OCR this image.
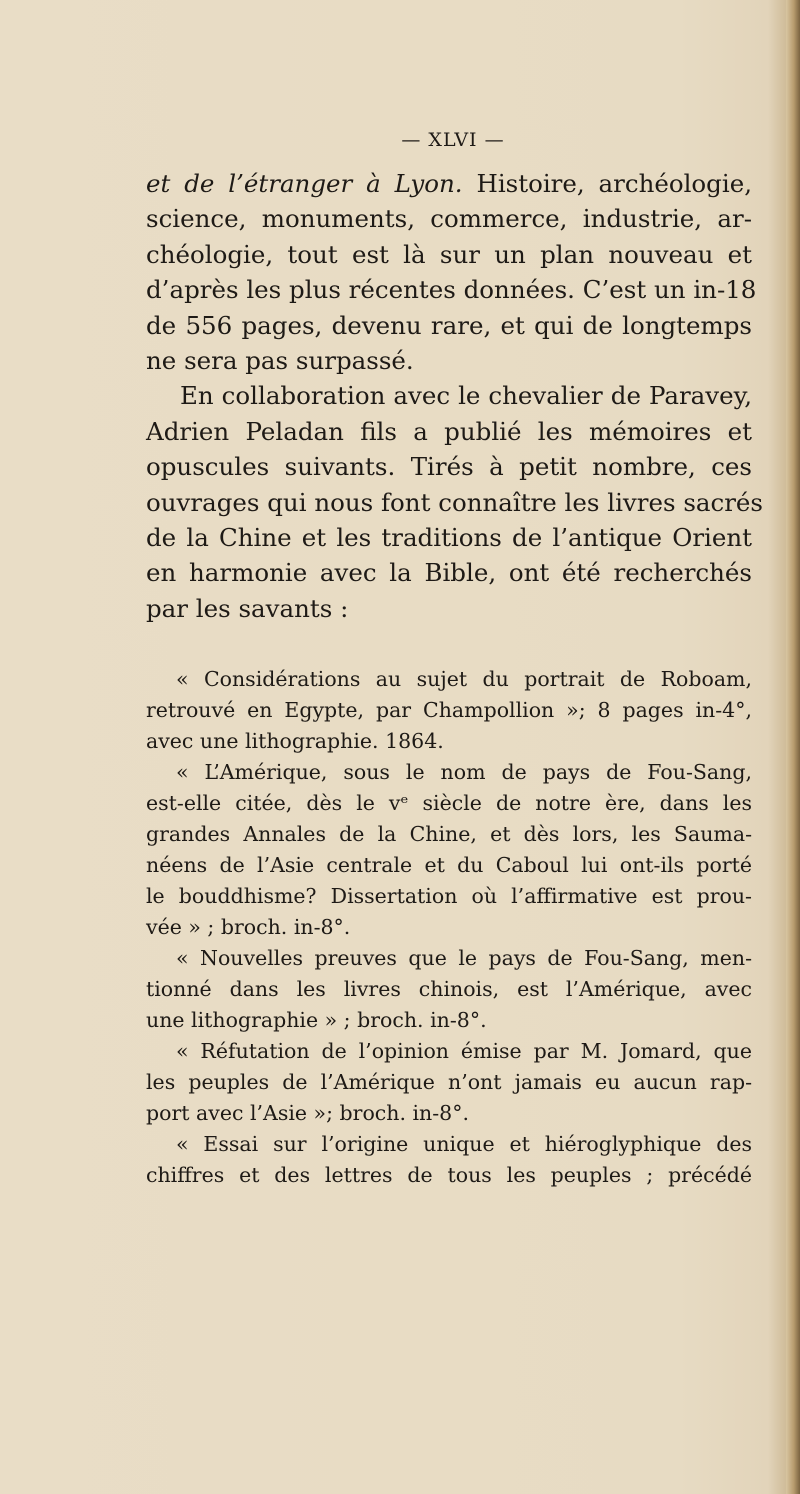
— XLVI —

et de l’étranger à Lyon. Histoire, archéologie,
science, monuments, commerce, industrie, ar-
chéologie, tout est là sur un plan nouveau et
d’après les plus récentes données. C’est un in-18
de 556 pages, devenu rare, et qui de longtemps
ne sera pas surpassé.

En collaboration avec le chevalier de Paravey,
Adrien Peladan fils a publié les mémoires et
opuscules suivants. Tirés à petit nombre, ces
ouvrages qui nous font connaître les livres sacrés
de la Chine et les traditions de l’antique Orient
en harmonie avec la Bible, ont été recherchés
par les savants :

« Considérations au sujet du portrait de Roboam,
retrouvé en Egypte, par Champollion »; 8 pages in-4°,
avec une lithographie. 1864.
« L’Amérique, sous le nom de pays de Fou-Sang,
est-elle citée, dès le vᵉ siècle de notre ère, dans les
grandes Annales de la Chine, et dès lors, les Sauma-
néens de l’Asie centrale et du Caboul lui ont-ils porté
le bouddhisme? Dissertation où l’affirmative est prou-
vée » ; broch. in-8°.
« Nouvelles preuves que le pays de Fou-Sang, men-
tionné dans les livres chinois, est l’Amérique, avec
une lithographie » ; broch. in-8°.
« Réfutation de l’opinion émise par M. Jomard, que
les peuples de l’Amérique n’ont jamais eu aucun rap-
port avec l’Asie »; broch. in-8°.
« Essai sur l’origine unique et hiéroglyphique des
chiffres et des lettres de tous les peuples ; précédé
